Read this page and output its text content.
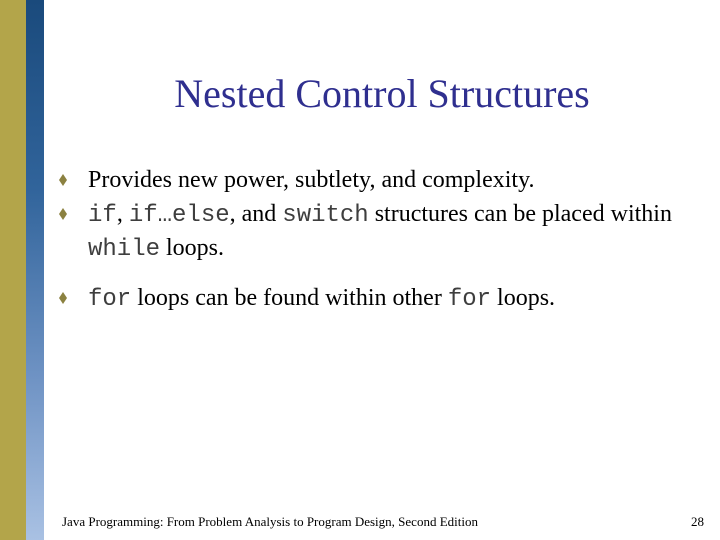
Nested Control Structures
Provides new power, subtlety, and complexity.
if, if…else, and switch structures can be placed within while loops.
for loops can be found within other for loops.
Java Programming: From Problem Analysis to Program Design, Second Edition	28
